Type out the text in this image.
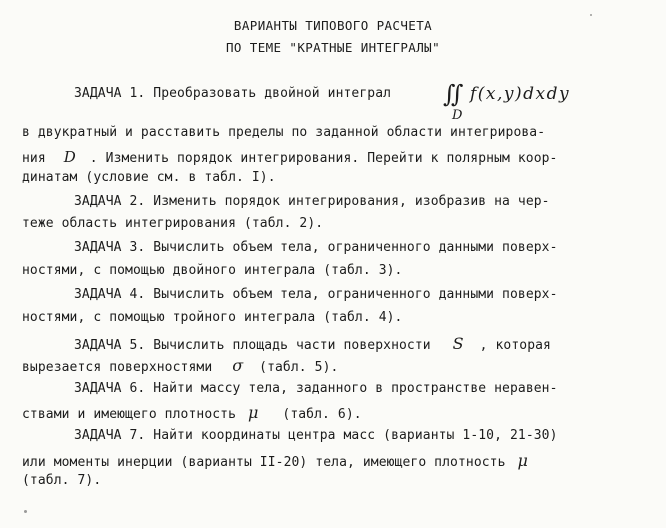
ВАРИАНТЫ ТИПОВОГО РАСЧЕТА
ПО ТЕМЕ "КРАТНЫЕ ИНТЕГРАЛЫ"
ЗАДАЧА 1. Преобразовать двойной интеграл ∬ f(x,y)dxdy
D
в двукратный и расставить пределы по заданной области интегрирова-
ния D . Изменить порядок интегрирования. Перейти к полярным коор-
динатам (условие см. в табл. I).
ЗАДАЧА 2. Изменить порядок интегрирования, изобразив на чер-
теже область интегрирования (табл. 2).
ЗАДАЧА 3. Вычислить объем тела, ограниченного данными поверх-
ностями, с помощью двойного интеграла (табл. 3).
ЗАДАЧА 4. Вычислить объем тела, ограниченного данными поверх-
ностями, с помощью тройного интеграла (табл. 4).
ЗАДАЧА 5. Вычислить площадь части поверхности S , которая
вырезается поверхностями σ (табл. 5).
ЗАДАЧА 6. Найти массу тела, заданного в пространстве неравен-
ствами и имеющего плотность μ (табл. 6).
ЗАДАЧА 7. Найти координаты центра масс (варианты 1-10, 21-30)
или моменты инерции (варианты II-20) тела, имеющего плотность μ
(табл. 7).
